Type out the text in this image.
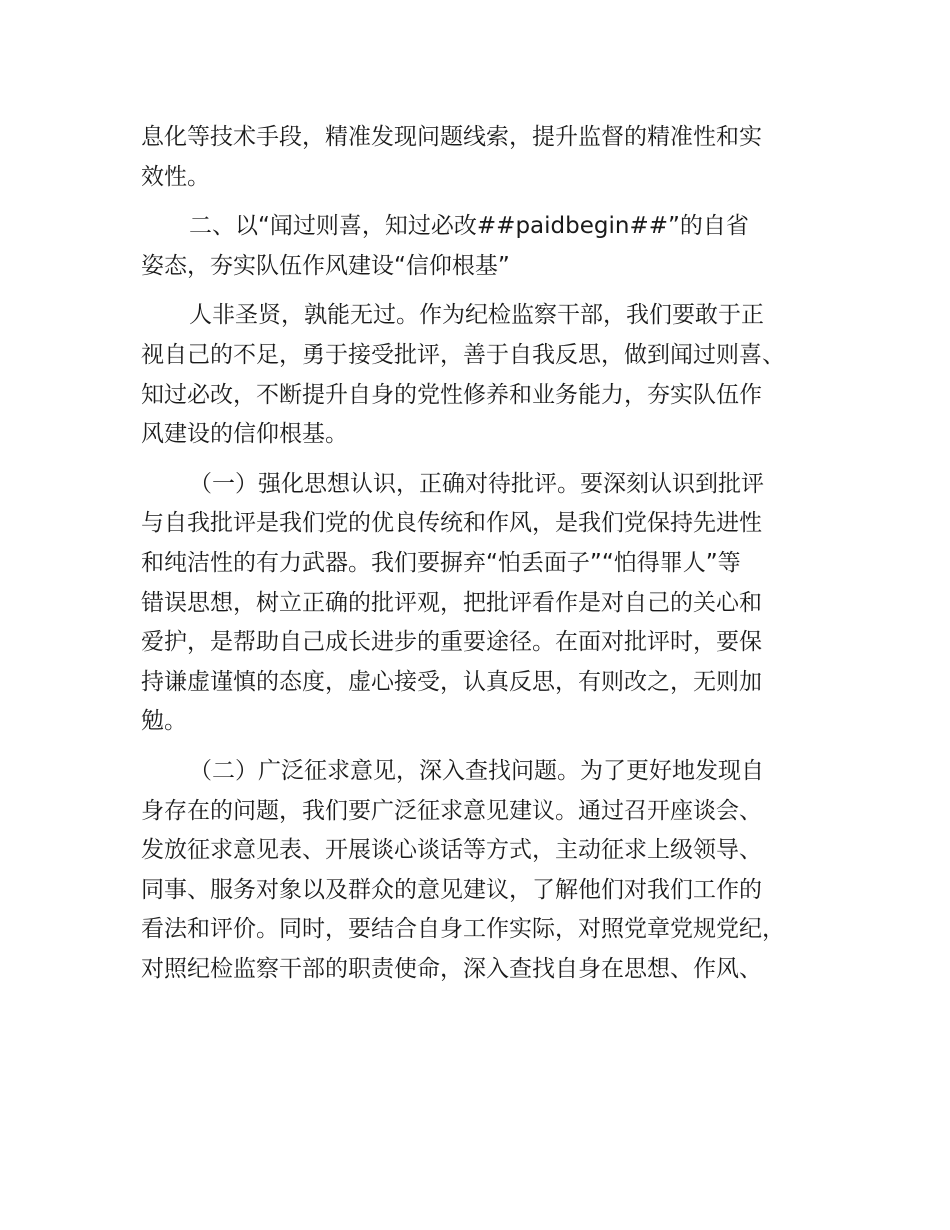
息化等技术手段，精准发现问题线索，提升监督的精准性和实
效性。

二、以“闻过则喜，知过必改##paidbegin##”的自省
姿态，夯实队伍作风建设“信仰根基”

人非圣贤，孰能无过。作为纪检监察干部，我们要敢于正
视自己的不足，勇于接受批评，善于自我反思，做到闻过则喜、
知过必改，不断提升自身的党性修养和业务能力，夯实队伍作
风建设的信仰根基。

（一）强化思想认识，正确对待批评。要深刻认识到批评
与自我批评是我们党的优良传统和作风，是我们党保持先进性
和纯洁性的有力武器。我们要摒弃“怕丢面子”“怕得罪人”等
错误思想，树立正确的批评观，把批评看作是对自己的关心和
爱护，是帮助自己成长进步的重要途径。在面对批评时，要保
持谦虚谨慎的态度，虚心接受，认真反思，有则改之，无则加
勉。

（二）广泛征求意见，深入查找问题。为了更好地发现自
身存在的问题，我们要广泛征求意见建议。通过召开座谈会、
发放征求意见表、开展谈心谈话等方式，主动征求上级领导、
同事、服务对象以及群众的意见建议，了解他们对我们工作的
看法和评价。同时，要结合自身工作实际，对照党章党规党纪，
对照纪检监察干部的职责使命，深入查找自身在思想、作风、
